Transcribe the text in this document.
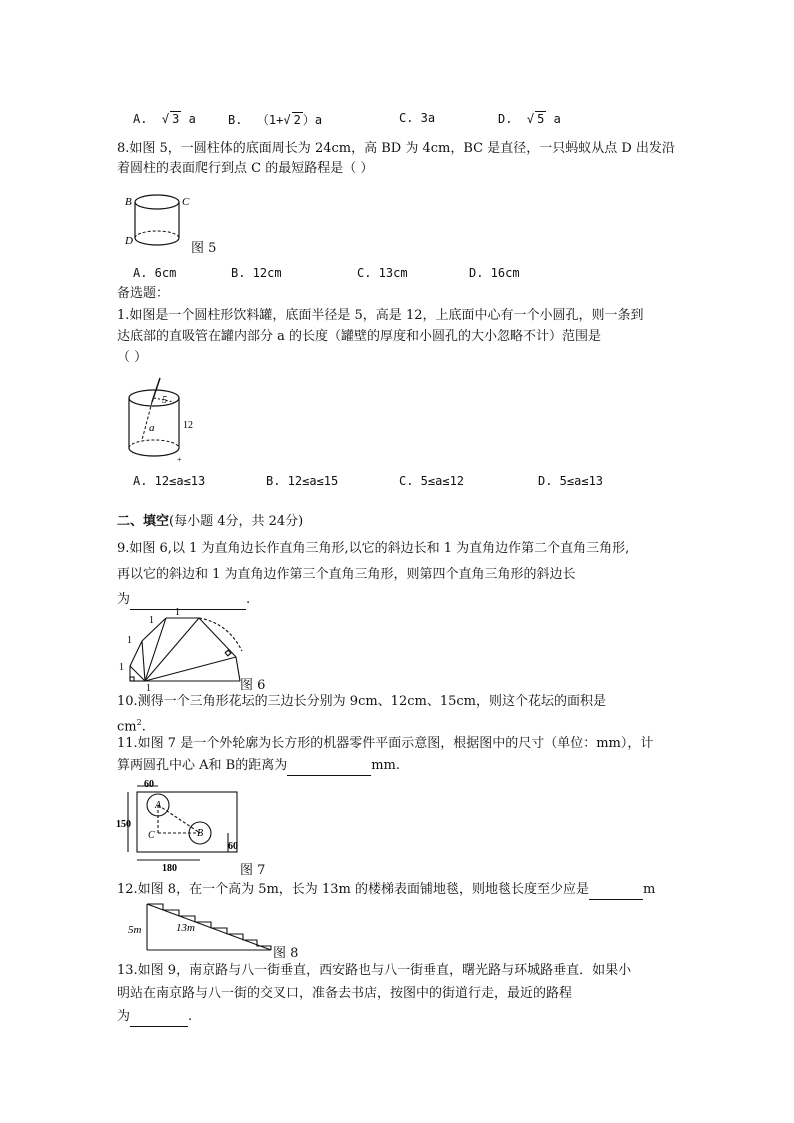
A.  √ 3 a	B. （1+√ 2 ）a	C. 3a	D.  √ 5 a
8.如图 5，一圆柱体的底面周长为 24cm，高 BD 为 4cm，BC 是直径，一只蚂蚁从点 D 出发沿
着圆柱的表面爬行到点 C 的最短路程是（ ）
B	C
D	图 5
A. 6cm	B. 12cm	C. 13cm	D. 16cm
备选题：
1.如图是一个圆柱形饮料罐，底面半径是 5，高是 12，上底面中心有一个小圆孔，则一条到
达底部的直吸管在罐内部分 a 的长度（罐壁的厚度和小圆孔的大小忽略不计）范围是
（ ）
5
12
a
+
A. 12≤a≤13	B. 12≤a≤15	C. 5≤a≤12	D. 5≤a≤13
二、填空(每小题 4分，共 24分)
9.如图 6,以 1 为直角边长作直角三角形,以它的斜边长和 1 为直角边作第二个直角三角形,
再以它的斜边和 1 为直角边作第三个直角三角形，则第四个直角三角形的斜边长
为	.
1
1
1
1
1
图 6
10.测得一个三角形花坛的三边长分别为 9cm、12cm、15cm，则这个花坛的面积是
$cm^2$.
11.如图 7 是一个外轮廓为长方形的机器零件平面示意图，根据图中的尺寸（单位：mm），计
算两圆孔中心 A和 B的距离为	mm.
60
150
60
180
A
B
C
图 7
12.如图 8，在一个高为 5m，长为 13m 的楼梯表面铺地毯，则地毯长度至少应是	m
5m	13m
图 8
13.如图 9，南京路与八一街垂直，西安路也与八一街垂直，曙光路与环城路垂直．如果小
明站在南京路与八一街的交叉口，准备去书店，按图中的街道行走，最近的路程
为	.
